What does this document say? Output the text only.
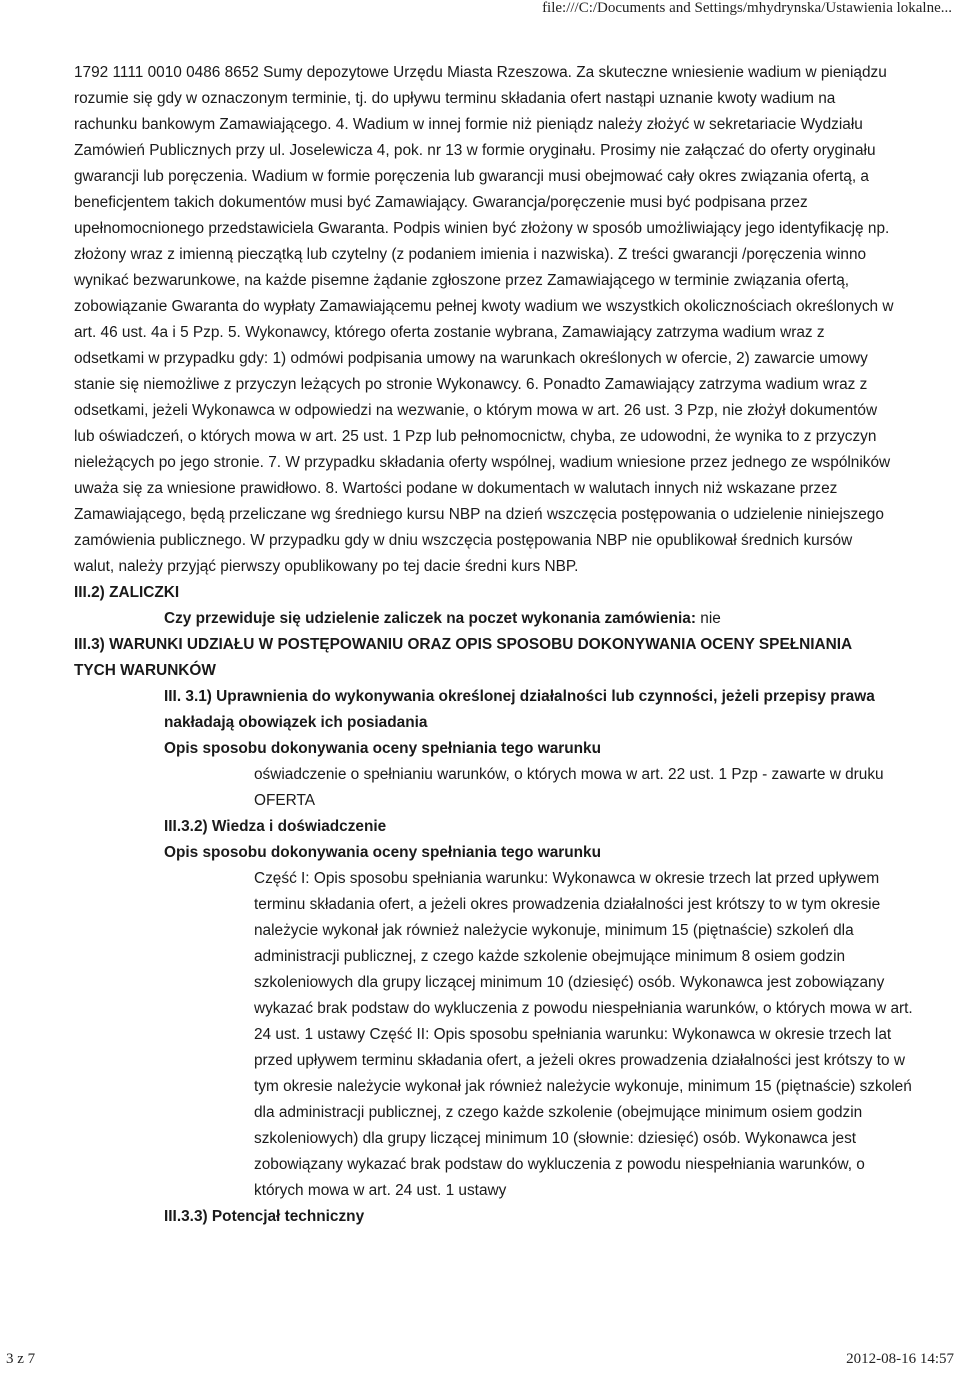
file:///C:/Documents and Settings/mhydrynska/Ustawienia lokalne...

1792 1111 0010 0486 8652 Sumy depozytowe Urzędu Miasta Rzeszowa. Za skuteczne wniesienie wadium w pieniądzu rozumie się gdy w oznaczonym terminie, tj. do upływu terminu składania ofert nastąpi uznanie kwoty wadium na rachunku bankowym Zamawiającego. 4. Wadium w innej formie niż pieniądz należy złożyć w sekretariacie Wydziału Zamówień Publicznych przy ul. Joselewicza 4, pok. nr 13 w formie oryginału. Prosimy nie załączać do oferty oryginału gwarancji lub poręczenia. Wadium w formie poręczenia lub gwarancji musi obejmować cały okres związania ofertą, a beneficjentem takich dokumentów musi być Zamawiający. Gwarancja/poręczenie musi być podpisana przez upełnomocnionego przedstawiciela Gwaranta. Podpis winien być złożony w sposób umożliwiający jego identyfikację np. złożony wraz z imienną pieczątką lub czytelny (z podaniem imienia i nazwiska). Z treści gwarancji /poręczenia winno wynikać bezwarunkowe, na każde pisemne żądanie zgłoszone przez Zamawiającego w terminie związania ofertą, zobowiązanie Gwaranta do wypłaty Zamawiającemu pełnej kwoty wadium we wszystkich okolicznościach określonych w art. 46 ust. 4a i 5 Pzp. 5. Wykonawcy, którego oferta zostanie wybrana, Zamawiający zatrzyma wadium wraz z odsetkami w przypadku gdy: 1) odmówi podpisania umowy na warunkach określonych w ofercie, 2) zawarcie umowy stanie się niemożliwe z przyczyn leżących po stronie Wykonawcy. 6. Ponadto Zamawiający zatrzyma wadium wraz z odsetkami, jeżeli Wykonawca w odpowiedzi na wezwanie, o którym mowa w art. 26 ust. 3 Pzp, nie złożył dokumentów lub oświadczeń, o których mowa w art. 25 ust. 1 Pzp lub pełnomocnictw, chyba, ze udowodni, że wynika to z przyczyn nieleżących po jego stronie. 7. W przypadku składania oferty wspólnej, wadium wniesione przez jednego ze wspólników uważa się za wniesione prawidłowo. 8. Wartości podane w dokumentach w walutach innych niż wskazane przez Zamawiającego, będą przeliczane wg średniego kursu NBP na dzień wszczęcia postępowania o udzielenie niniejszego zamówienia publicznego. W przypadku gdy w dniu wszczęcia postępowania NBP nie opublikował średnich kursów walut, należy przyjąć pierwszy opublikowany po tej dacie średni kurs NBP.

III.2) ZALICZKI

Czy przewiduje się udzielenie zaliczek na poczet wykonania zamówienia: nie

III.3) WARUNKI UDZIAŁU W POSTĘPOWANIU ORAZ OPIS SPOSOBU DOKONYWANIA OCENY SPEŁNIANIA TYCH WARUNKÓW

III. 3.1) Uprawnienia do wykonywania określonej działalności lub czynności, jeżeli przepisy prawa nakładają obowiązek ich posiadania

Opis sposobu dokonywania oceny spełniania tego warunku

oświadczenie o spełnianiu warunków, o których mowa w art. 22 ust. 1 Pzp - zawarte w druku OFERTA

III.3.2) Wiedza i doświadczenie

Opis sposobu dokonywania oceny spełniania tego warunku

Część I: Opis sposobu spełniania warunku: Wykonawca w okresie trzech lat przed upływem terminu składania ofert, a jeżeli okres prowadzenia działalności jest krótszy to w tym okresie należycie wykonał jak również należycie wykonuje, minimum 15 (piętnaście) szkoleń dla administracji publicznej, z czego każde szkolenie obejmujące minimum 8 osiem godzin szkoleniowych dla grupy liczącej minimum 10 (dziesięć) osób. Wykonawca jest zobowiązany wykazać brak podstaw do wykluczenia z powodu niespełniania warunków, o których mowa w art. 24 ust. 1 ustawy Część II: Opis sposobu spełniania warunku: Wykonawca w okresie trzech lat przed upływem terminu składania ofert, a jeżeli okres prowadzenia działalności jest krótszy to w tym okresie należycie wykonał jak również należycie wykonuje, minimum 15 (piętnaście) szkoleń dla administracji publicznej, z czego każde szkolenie (obejmujące minimum osiem godzin szkoleniowych) dla grupy liczącej minimum 10 (słownie: dziesięć) osób. Wykonawca jest zobowiązany wykazać brak podstaw do wykluczenia z powodu niespełniania warunków, o których mowa w art. 24 ust. 1 ustawy

III.3.3) Potencjał techniczny

3 z 7	2012-08-16 14:57
